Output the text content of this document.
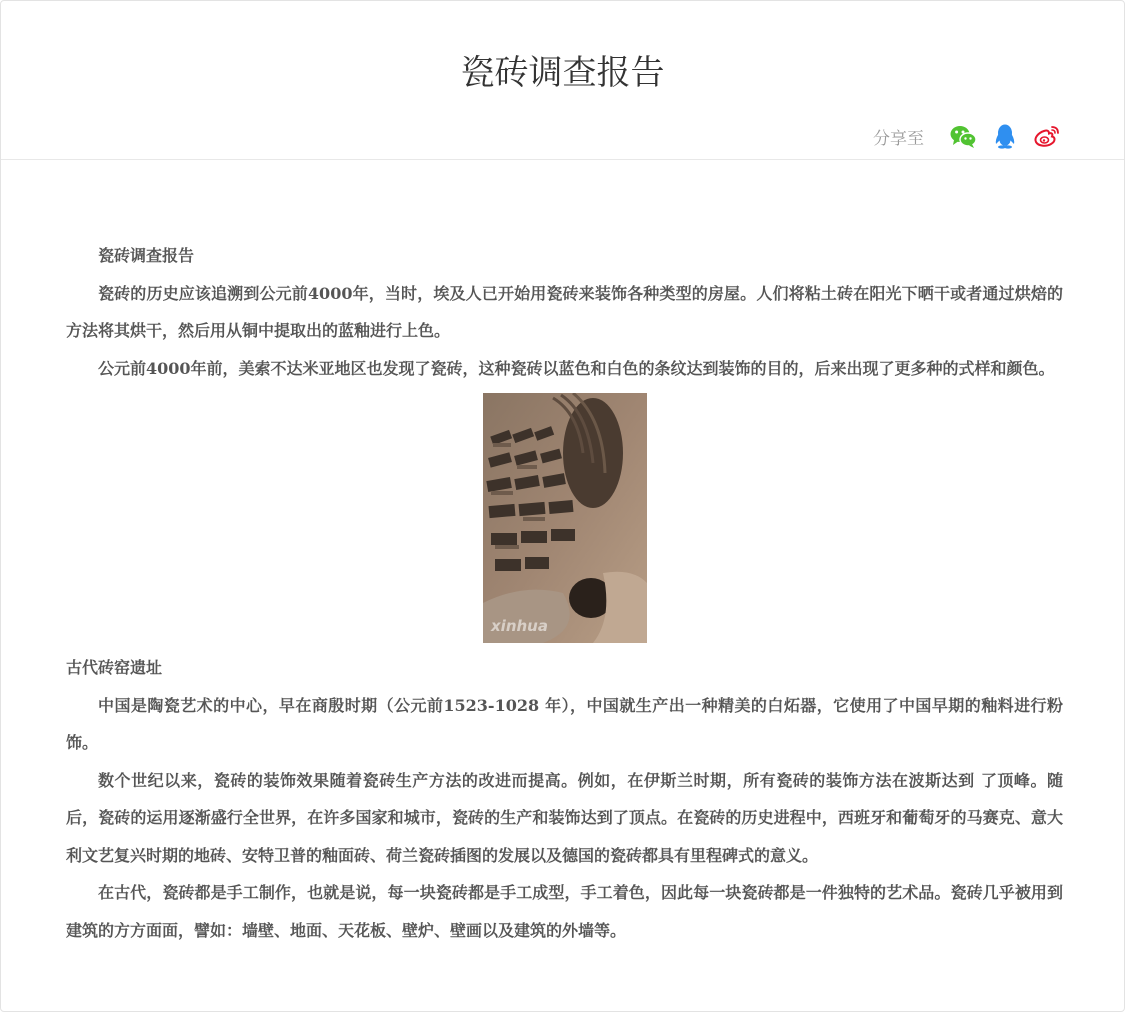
瓷砖调查报告
分享至

瓷砖调查报告

瓷砖的历史应该追溯到公元前4000年，当时，埃及人已开始用瓷砖来装饰各种类型的房屋。人们将粘土砖在阳光下晒干或者通过烘焙的方法将其烘干，然后用从铜中提取出的蓝釉进行上色。

公元前4000年前，美索不达米亚地区也发现了瓷砖，这种瓷砖以蓝色和白色的条纹达到装饰的目的，后来出现了更多种的式样和颜色。

xinhua

古代砖窑遗址

中国是陶瓷艺术的中心，早在商殷时期（公元前1523-1028 年），中国就生产出一种精美的白炻器，它使用了中国早期的釉料进行粉饰。

数个世纪以来，瓷砖的装饰效果随着瓷砖生产方法的改进而提高。例如，在伊斯兰时期，所有瓷砖的装饰方法在波斯达到 了顶峰。随后，瓷砖的运用逐渐盛行全世界，在许多国家和城市，瓷砖的生产和装饰达到了顶点。在瓷砖的历史进程中，西班牙和葡萄牙的马赛克、意大利文艺复兴时期的地砖、安特卫普的釉面砖、荷兰瓷砖插图的发展以及德国的瓷砖都具有里程碑式的意义。

在古代，瓷砖都是手工制作，也就是说，每一块瓷砖都是手工成型，手工着色，因此每一块瓷砖都是一件独特的艺术品。瓷砖几乎被用到建筑的方方面面，譬如：墙壁、地面、天花板、壁炉、壁画以及建筑的外墙等。
